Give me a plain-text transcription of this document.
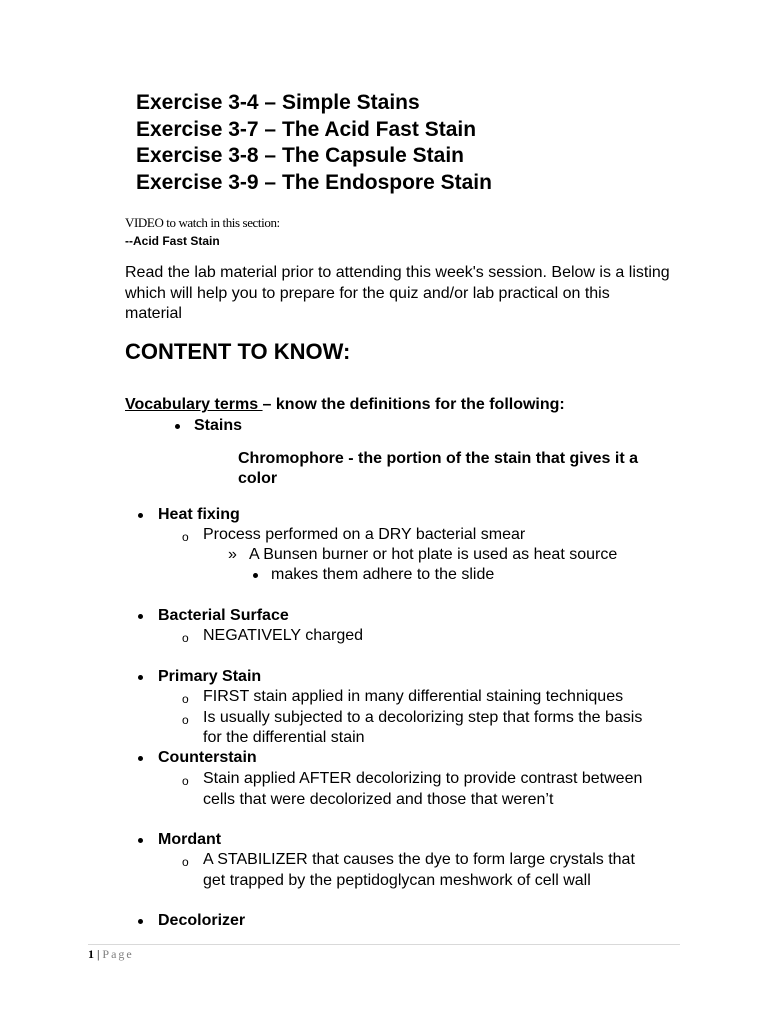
Exercise 3-4 – Simple Stains
Exercise 3-7 – The Acid Fast Stain
Exercise 3-8 – The Capsule Stain
Exercise 3-9 – The Endospore Stain
VIDEO to watch in this section:
--Acid Fast Stain
Read the lab material prior to attending this week's session. Below is a listing which will help you to prepare for the quiz and/or lab practical on this material
CONTENT TO KNOW:
Vocabulary terms – know the definitions for the following:
Stains
Chromophore - the portion of the stain that gives it a
color
Heat fixing
o Process performed on a DRY bacterial smear
» A Bunsen burner or hot plate is used as heat source
makes them adhere to the slide
Bacterial Surface
o NEGATIVELY charged
Primary Stain
o FIRST stain applied in many differential staining techniques
o Is usually subjected to a decolorizing step that forms the basis
for the differential stain
Counterstain
o Stain applied AFTER decolorizing to provide contrast between
cells that were decolorized and those that weren’t
Mordant
o A STABILIZER that causes the dye to form large crystals that
get trapped by the peptidoglycan meshwork of cell wall
Decolorizer
1 | Page
